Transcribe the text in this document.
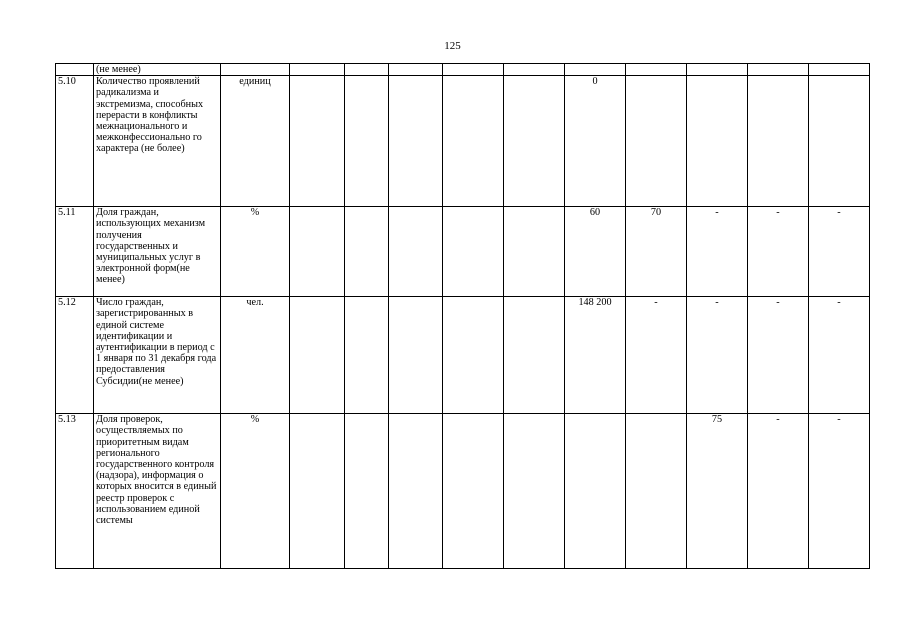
125
	(не менее)											
5.10	Количество проявлений радикализма и экстремизма, способных перерасти в конфликты межнационального и межконфессионально го характера (не более)	единиц						0				
5.11	Доля граждан, использующих механизм получения государственных и муниципальных услуг в электронной форм(не менее)	%						60	70	-	-	-
5.12	Число граждан, зарегистрированных в единой системе идентификации и аутентификации в период с 1 января по 31 декабря года предоставления Субсидии(не менее)	чел.						148 200	-	-	-	-
5.13	Доля проверок, осуществляемых по приоритетным видам регионального государственного контроля (надзора), информация о которых вносится в единый реестр проверок с использованием единой системы	%								75	-	-
